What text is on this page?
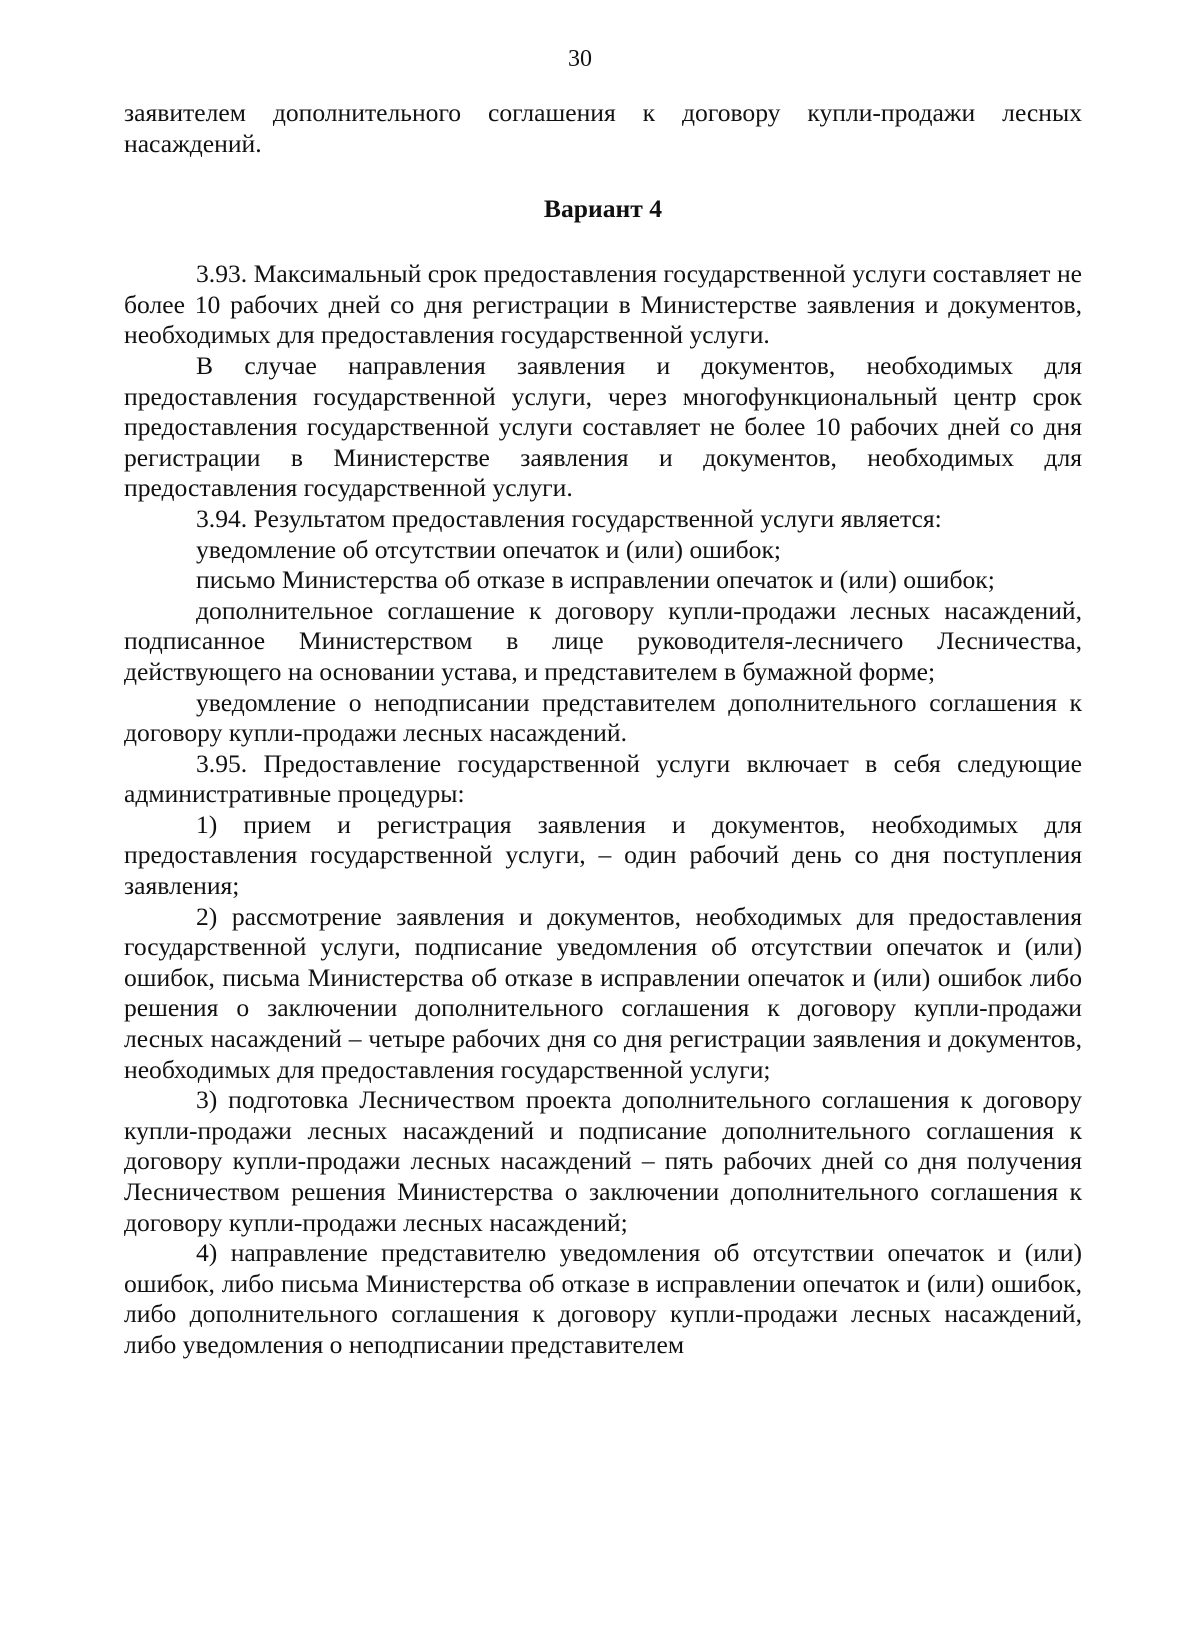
30

заявителем дополнительного соглашения к договору купли-продажи лесных насаждений.

Вариант 4

3.93. Максимальный срок предоставления государственной услуги составляет не более 10 рабочих дней со дня регистрации в Министерстве заявления и документов, необходимых для предоставления государственной услуги.

В случае направления заявления и документов, необходимых для предоставления государственной услуги, через многофункциональный центр срок предоставления государственной услуги составляет не более 10 рабочих дней со дня регистрации в Министерстве заявления и документов, необходимых для предоставления государственной услуги.

3.94. Результатом предоставления государственной услуги является:

уведомление об отсутствии опечаток и (или) ошибок;

письмо Министерства об отказе в исправлении опечаток и (или) ошибок;

дополнительное соглашение к договору купли-продажи лесных насаждений, подписанное Министерством в лице руководителя-лесничего Лесничества, действующего на основании устава, и представителем в бумажной форме;

уведомление о неподписании представителем дополнительного соглашения к договору купли-продажи лесных насаждений.

3.95. Предоставление государственной услуги включает в себя следующие административные процедуры:

1) прием и регистрация заявления и документов, необходимых для предоставления государственной услуги, – один рабочий день со дня поступления заявления;

2) рассмотрение заявления и документов, необходимых для предоставления государственной услуги, подписание уведомления об отсутствии опечаток и (или) ошибок, письма Министерства об отказе в исправлении опечаток и (или) ошибок либо решения о заключении дополнительного соглашения к договору купли-продажи лесных насаждений – четыре рабочих дня со дня регистрации заявления и документов, необходимых для предоставления государственной услуги;

3) подготовка Лесничеством проекта дополнительного соглашения к договору купли-продажи лесных насаждений и подписание дополнительного соглашения к договору купли-продажи лесных насаждений – пять рабочих дней со дня получения Лесничеством решения Министерства о заключении дополнительного соглашения к договору купли-продажи лесных насаждений;

4) направление представителю уведомления об отсутствии опечаток и (или) ошибок, либо письма Министерства об отказе в исправлении опечаток и (или) ошибок, либо дополнительного соглашения к договору купли-продажи лесных насаждений, либо уведомления о неподписании представителем
